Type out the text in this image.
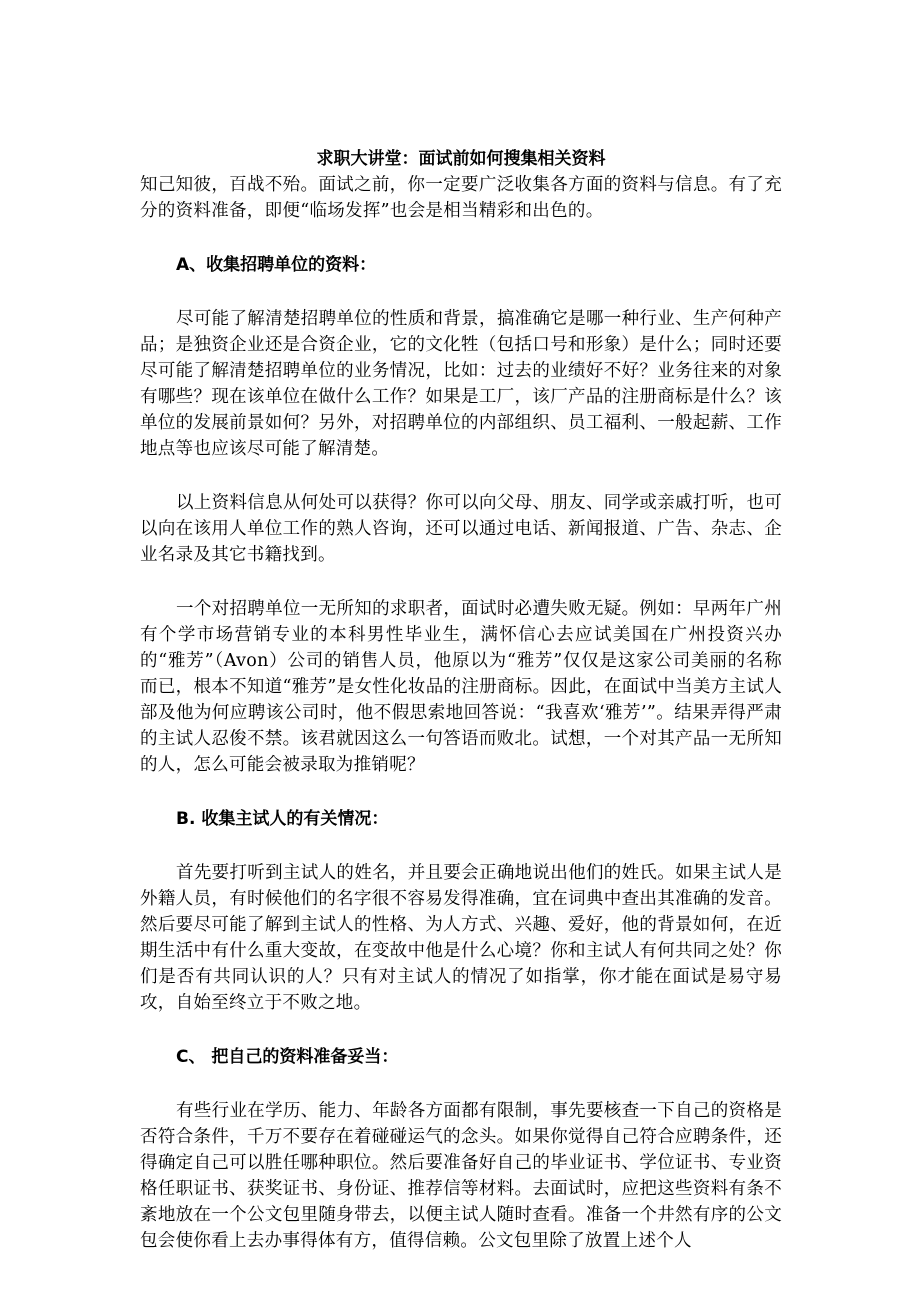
求职大讲堂：面试前如何搜集相关资料

知己知彼，百战不殆。面试之前，你一定要广泛收集各方面的资料与信息。有了充分的资料准备，即便“临场发挥”也会是相当精彩和出色的。

A、收集招聘单位的资料：

尽可能了解清楚招聘单位的性质和背景，搞准确它是哪一种行业、生产何种产品；是独资企业还是合资企业，它的文化牲（包括口号和形象）是什么；同时还要尽可能了解清楚招聘单位的业务情况，比如：过去的业绩好不好？业务往来的对象有哪些？现在该单位在做什么工作？如果是工厂，该厂产品的注册商标是什么？该单位的发展前景如何？另外，对招聘单位的内部组织、员工福利、一般起薪、工作地点等也应该尽可能了解清楚。

以上资料信息从何处可以获得？你可以向父母、朋友、同学或亲戚打听，也可以向在该用人单位工作的熟人咨询，还可以通过电话、新闻报道、广告、杂志、企业名录及其它书籍找到。

一个对招聘单位一无所知的求职者，面试时必遭失败无疑。例如：早两年广州有个学市场营销专业的本科男性毕业生，满怀信心去应试美国在广州投资兴办的“雅芳”（Avon）公司的销售人员，他原以为“雅芳”仅仅是这家公司美丽的名称而已，根本不知道“雅芳”是女性化妆品的注册商标。因此，在面试中当美方主试人部及他为何应聘该公司时，他不假思索地回答说：“我喜欢‘雅芳’”。结果弄得严肃的主试人忍俊不禁。该君就因这么一句答语而败北。试想，一个对其产品一无所知的人，怎么可能会被录取为推销呢？

B. 收集主试人的有关情况：

首先要打听到主试人的姓名，并且要会正确地说出他们的姓氏。如果主试人是外籍人员，有时候他们的名字很不容易发得准确，宜在词典中查出其准确的发音。然后要尽可能了解到主试人的性格、为人方式、兴趣、爱好，他的背景如何，在近期生活中有什么重大变故，在变故中他是什么心境？你和主试人有何共同之处？你们是否有共同认识的人？只有对主试人的情况了如指掌，你才能在面试是易守易攻，自始至终立于不败之地。

C、 把自己的资料准备妥当：

有些行业在学历、能力、年龄各方面都有限制，事先要核查一下自己的资格是否符合条件，千万不要存在着碰碰运气的念头。如果你觉得自己符合应聘条件，还得确定自己可以胜任哪种职位。然后要准备好自己的毕业证书、学位证书、专业资格任职证书、获奖证书、身份证、推荐信等材料。去面试时，应把这些资料有条不紊地放在一个公文包里随身带去，以便主试人随时查看。准备一个井然有序的公文包会使你看上去办事得体有方，值得信赖。公文包里除了放置上述个人
